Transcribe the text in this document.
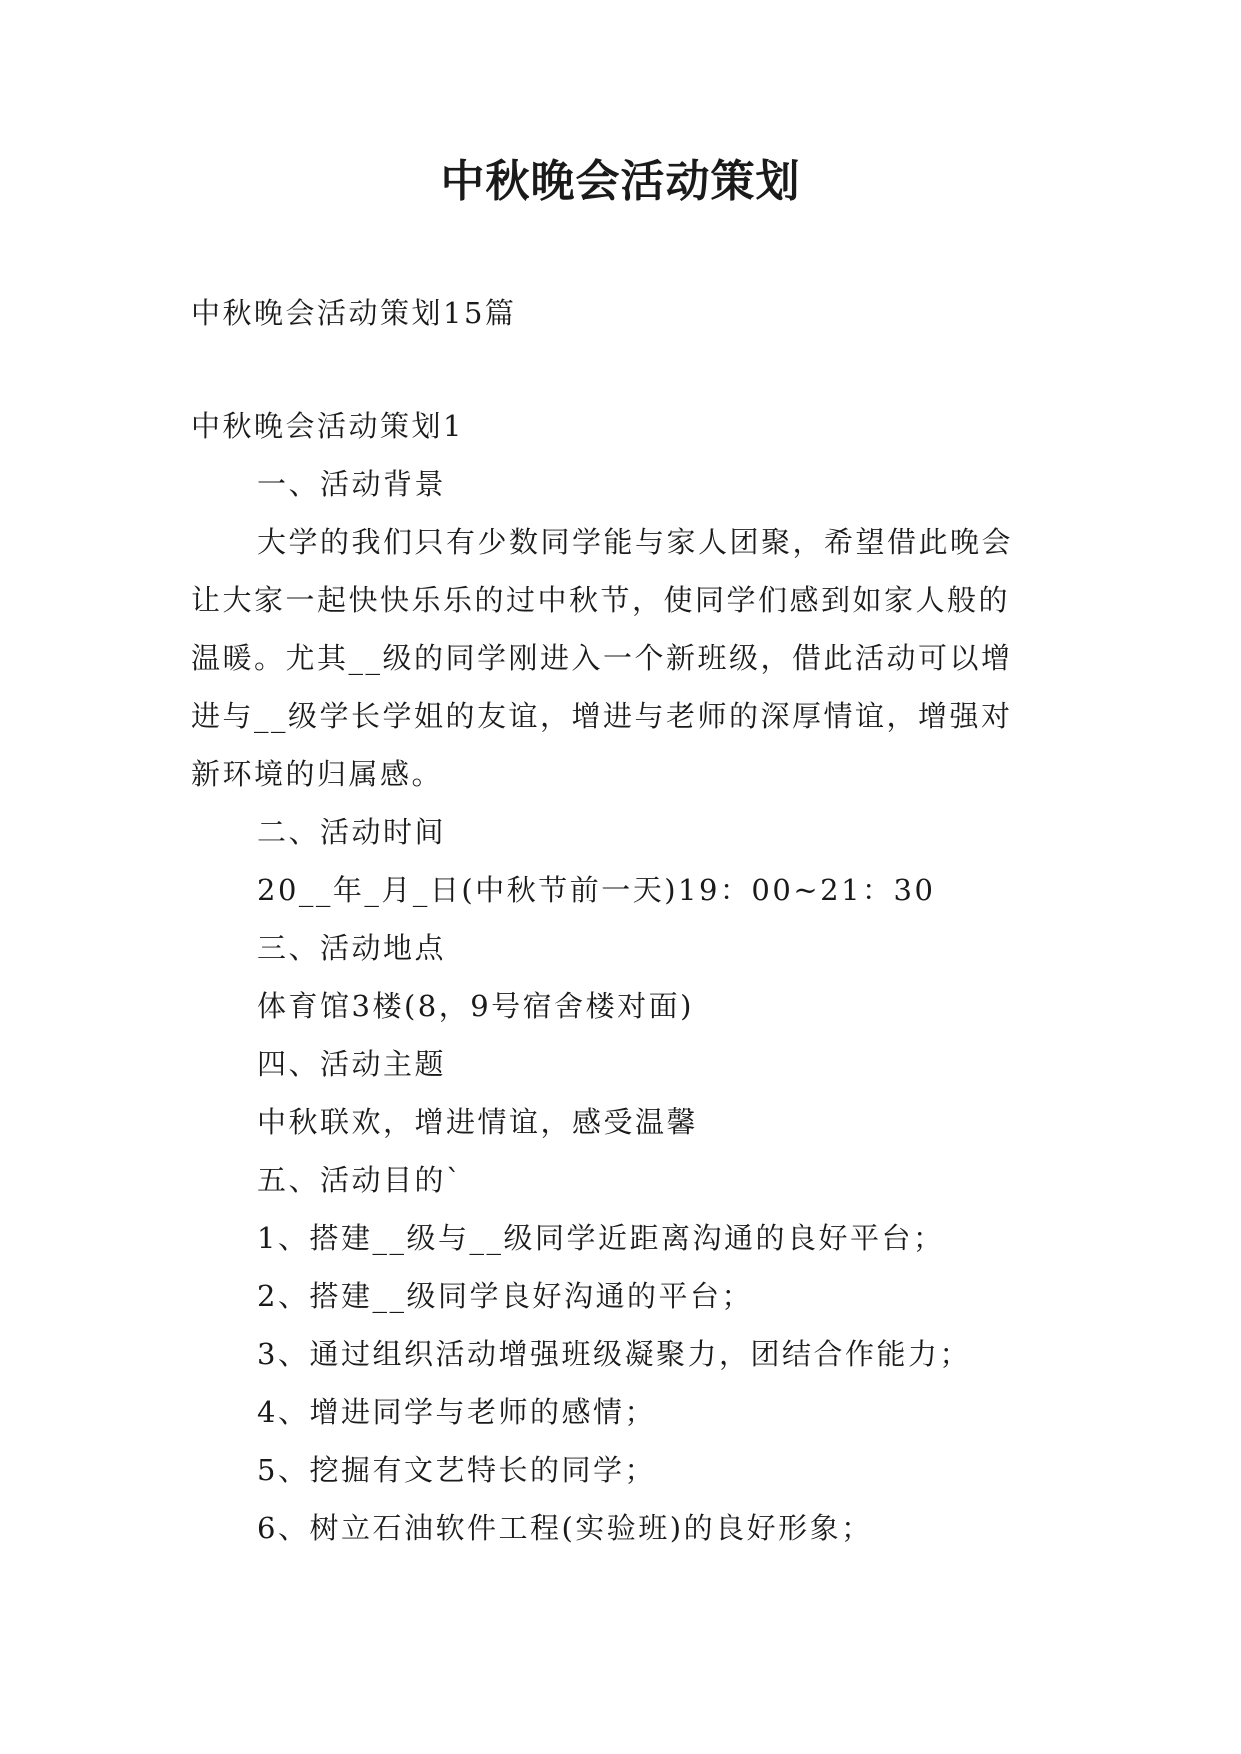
中秋晚会活动策划

中秋晚会活动策划15篇

中秋晚会活动策划1

一、活动背景

大学的我们只有少数同学能与家人团聚，希望借此晚会

让大家一起快快乐乐的过中秋节，使同学们感到如家人般的

温暖。尤其__级的同学刚进入一个新班级，借此活动可以增

进与__级学长学姐的友谊，增进与老师的深厚情谊，增强对

新环境的归属感。

二、活动时间

20__年_月_日(中秋节前一天)19：00~21：30

三、活动地点

体育馆3楼(8，9号宿舍楼对面)

四、活动主题

中秋联欢，增进情谊，感受温馨

五、活动目的`

1、搭建__级与__级同学近距离沟通的良好平台；

2、搭建__级同学良好沟通的平台；

3、通过组织活动增强班级凝聚力，团结合作能力；

4、增进同学与老师的感情；

5、挖掘有文艺特长的同学；

6、树立石油软件工程(实验班)的良好形象；
